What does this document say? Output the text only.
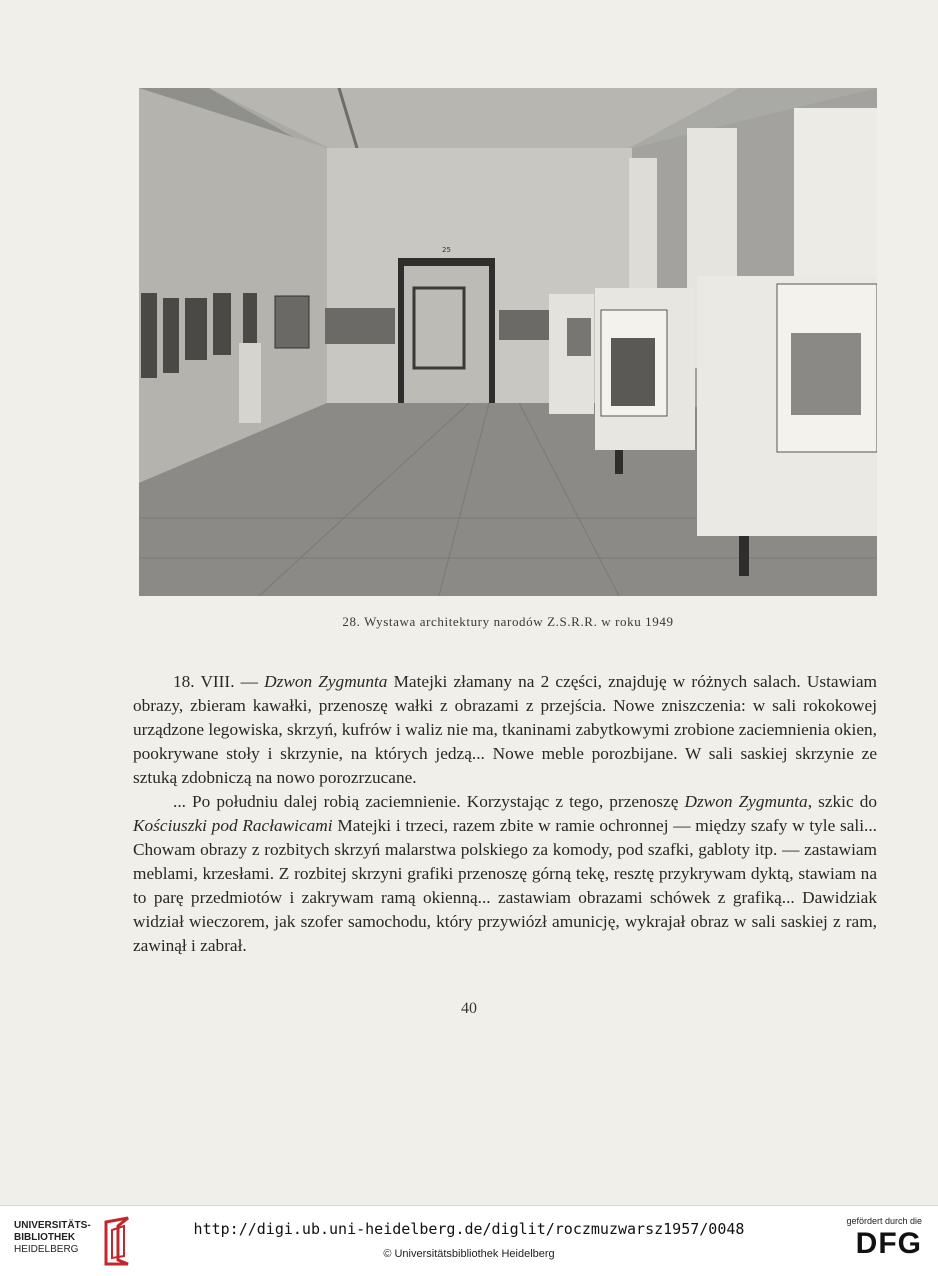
25
28. Wystawa architektury narodów Z.S.R.R. w roku 1949

18. VIII. — Dzwon Zygmunta Matejki złamany na 2 części, znajduję w różnych salach. Ustawiam obrazy, zbieram kawałki, przenoszę wałki z obrazami z przejścia. Nowe zniszczenia: w sali rokokowej urządzone legowiska, skrzyń, kufrów i waliz nie ma, tkaninami zabytkowymi zrobione zaciemnienia okien, pookrywane stoły i skrzynie, na których jedzą... Nowe meble porozbijane. W sali saskiej skrzynie ze sztuką zdobniczą na nowo porozrzucane.

... Po południu dalej robią zaciemnienie. Korzystając z tego, przenoszę Dzwon Zygmunta, szkic do Kościuszki pod Racławicami Matejki i trzeci, razem zbite w ramie ochronnej — między szafy w tyle sali... Chowam obrazy z rozbitych skrzyń malarstwa polskiego za komody, pod szafki, gabloty itp. — zastawiam meblami, krzesłami. Z rozbitej skrzyni grafiki przenoszę górną tekę, resztę przykrywam dyktą, stawiam na to parę przedmiotów i zakrywam ramą okienną... zastawiam obrazami schówek z grafiką... Dawidziak widział wieczorem, jak szofer samochodu, który przywiózł amunicję, wykrajał obraz w sali saskiej z ram, zawinął i zabrał.

40
UNIVERSITÄTS-
BIBLIOTHEK
HEIDELBERG
http://digi.ub.uni-heidelberg.de/diglit/roczmuzwarsz1957/0048
© Universitätsbibliothek Heidelberg
gefördert durch die
DFG
